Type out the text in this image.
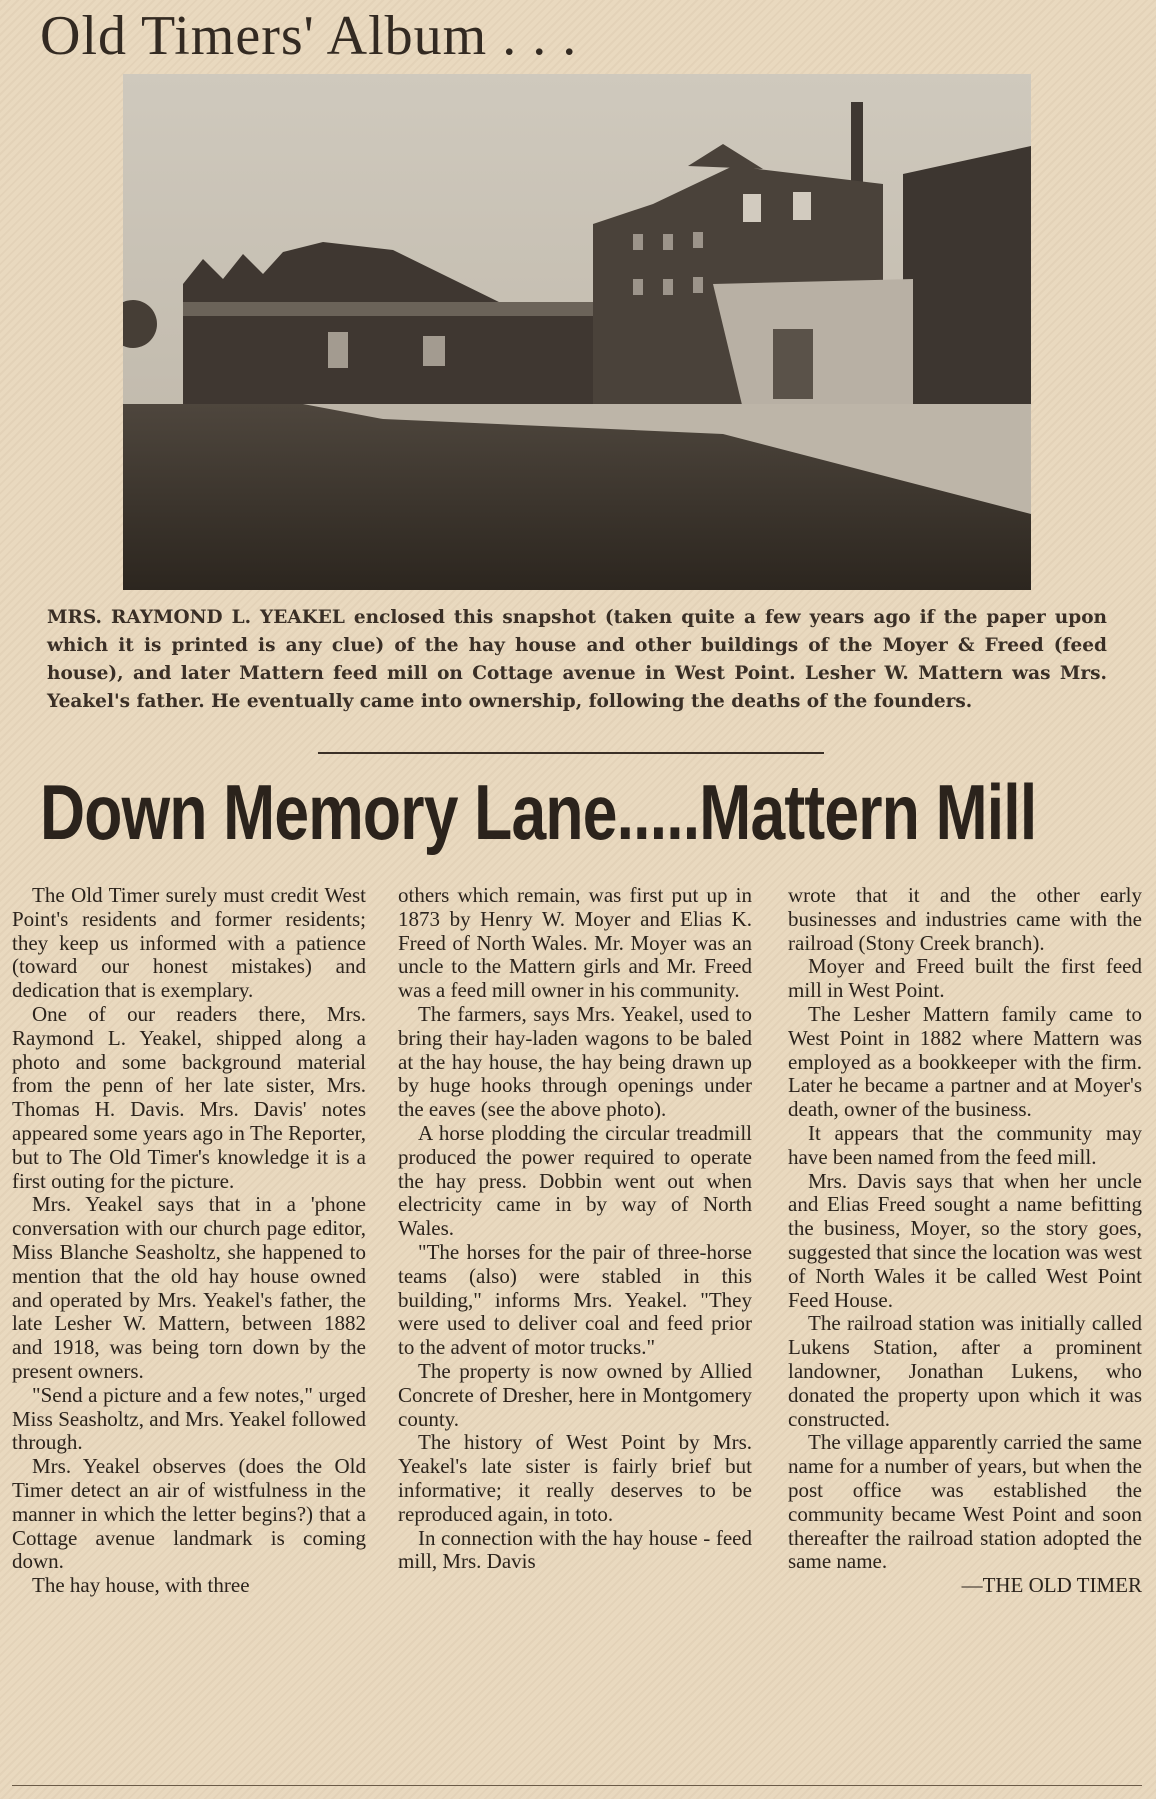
Old Timers' Album . . .

MRS. RAYMOND L. YEAKEL enclosed this snapshot (taken quite a few years ago if the paper upon which it is printed is any clue) of the hay house and other buildings of the Moyer & Freed (feed house), and later Mattern feed mill on Cottage avenue in West Point. Lesher W. Mattern was Mrs. Yeakel's father. He eventually came into ownership, following the deaths of the founders.

Down Memory Lane.....Mattern Mill

The Old Timer surely must credit West Point's residents and former residents; they keep us informed with a patience (toward our honest mistakes) and dedication that is exemplary.

One of our readers there, Mrs. Raymond L. Yeakel, shipped along a photo and some background material from the penn of her late sister, Mrs. Thomas H. Davis. Mrs. Davis' notes appeared some years ago in The Reporter, but to The Old Timer's knowledge it is a first outing for the picture.

Mrs. Yeakel says that in a 'phone conversation with our church page editor, Miss Blanche Seasholtz, she happened to mention that the old hay house owned and operated by Mrs. Yeakel's father, the late Lesher W. Mattern, between 1882 and 1918, was being torn down by the present owners.

"Send a picture and a few notes," urged Miss Seasholtz, and Mrs. Yeakel followed through.

Mrs. Yeakel observes (does the Old Timer detect an air of wistfulness in the manner in which the letter begins?) that a Cottage avenue landmark is coming down.

The hay house, with three

others which remain, was first put up in 1873 by Henry W. Moyer and Elias K. Freed of North Wales. Mr. Moyer was an uncle to the Mattern girls and Mr. Freed was a feed mill owner in his community.

The farmers, says Mrs. Yeakel, used to bring their hay-laden wagons to be baled at the hay house, the hay being drawn up by huge hooks through openings under the eaves (see the above photo).

A horse plodding the circular treadmill produced the power required to operate the hay press. Dobbin went out when electricity came in by way of North Wales.

"The horses for the pair of three-horse teams (also) were stabled in this building," informs Mrs. Yeakel. "They were used to deliver coal and feed prior to the advent of motor trucks."

The property is now owned by Allied Concrete of Dresher, here in Montgomery county.

The history of West Point by Mrs. Yeakel's late sister is fairly brief but informative; it really deserves to be reproduced again, in toto.

In connection with the hay house - feed mill, Mrs. Davis

wrote that it and the other early businesses and industries came with the railroad (Stony Creek branch).

Moyer and Freed built the first feed mill in West Point.

The Lesher Mattern family came to West Point in 1882 where Mattern was employed as a bookkeeper with the firm. Later he became a partner and at Moyer's death, owner of the business.

It appears that the community may have been named from the feed mill.

Mrs. Davis says that when her uncle and Elias Freed sought a name befitting the business, Moyer, so the story goes, suggested that since the location was west of North Wales it be called West Point Feed House.

The railroad station was initially called Lukens Station, after a prominent landowner, Jonathan Lukens, who donated the property upon which it was constructed.

The village apparently carried the same name for a number of years, but when the post office was established the community became West Point and soon thereafter the railroad station adopted the same name.

—THE OLD TIMER
